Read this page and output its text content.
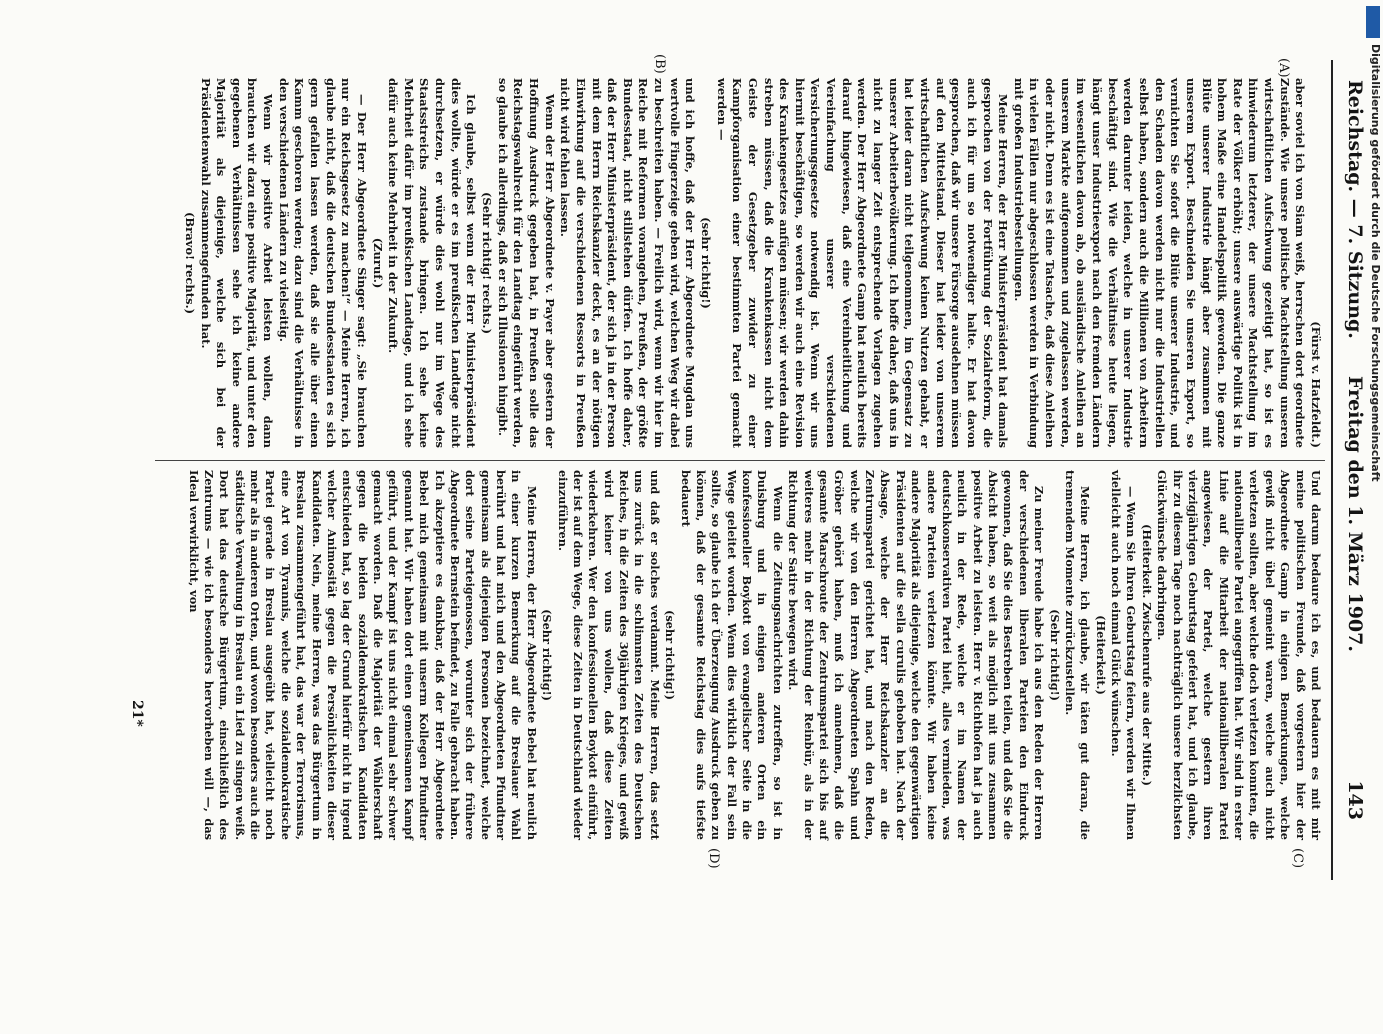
Reichstag. — 7. Sitzung.
Freitag den 1. März 1907.
143
(A)
(B)
(C)
(D)

(Fürst v. Hatzfeldt.)

aber soviel ich von Siam weiß, herrschen dort geordnete Zustände. Wie unsere politische Machtstellung unseren wirtschaftlichen Aufschwung gezeitigt hat, so ist es hinwiederum letzterer, der unsere Machtstellung im Rate der Völker erhöht; unsere auswärtige Politik ist in hohem Maße eine Handelspolitik geworden. Die ganze Blüte unserer Industrie hängt aber zusammen mit unserem Export. Beschneiden Sie unseren Export, so vernichten Sie sofort die Blüte unserer Industrie, und den Schaden davon werden nicht nur die Industriellen selbst haben, sondern auch die Millionen von Arbeitern werden darunter leiden, welche in unserer Industrie beschäftigt sind. Wie die Verhältnisse heute liegen, hängt unser Industrieexport nach den fremden Ländern im wesentlichen davon ab, ob ausländische Anleihen an unserem Markte aufgenommen und zugelassen werden, oder nicht. Denn es ist eine Tatsache, daß diese Anleihen in vielen Fällen nur abgeschlossen werden in Verbindung mit großen Industriebestellungen.

Meine Herren, der Herr Ministerpräsident hat damals gesprochen von der Fortführung der Sozialreform, die auch ich für um so notwendiger halte. Er hat davon gesprochen, daß wir unsere Fürsorge ausdehnen müssen auf den Mittelstand. Dieser hat leider von unserem wirtschaftlichen Aufschwung keinen Nutzen gehabt, er hat leider daran nicht teilgenommen, im Gegensatz zu unserer Arbeiterbevölkerung. Ich hoffe daher, daß uns in nicht zu langer Zeit entsprechende Vorlagen zugehen werden. Der Herr Abgeordnete Gamp hat neulich bereits darauf hingewiesen, daß eine Vereinheitlichung und Vereinfachung unserer verschiedenen Versicherungsgesetze notwendig ist. Wenn wir uns hiermit beschäftigen, so werden wir auch eine Revision des Krankengesetzes anfügen müssen; wir werden dahin streben müssen, daß die Krankenkassen nicht dem Geiste der Gesetzgeber zuwider zu einer Kampforganisation einer bestimmten Partei gemacht werden —

(sehr richtig!)

und ich hoffe, daß der Herr Abgeordnete Mugdan uns wertvolle Fingerzeige geben wird, welchen Weg wir dabei zu beschreiten haben. — Freilich wird, wenn wir hier im Reiche mit Reformen vorangehen, Preußen, der größte Bundesstaat, nicht stillstehen dürfen. Ich hoffe daher, daß der Herr Ministerpräsident, der sich ja in der Person mit dem Herrn Reichskanzler deckt, es an der nötigen Einwirkung auf die verschiedenen Ressorts in Preußen nicht wird fehlen lassen.

Wenn der Herr Abgeordnete v. Payer aber gestern der Hoffnung Ausdruck gegeben hat, in Preußen solle das Reichstagswahlrecht für den Landtag eingeführt werden, so glaube ich allerdings, daß er sich Illusionen hingibt.

(Sehr richtig! rechts.)

Ich glaube, selbst wenn der Herr Ministerpräsident dies wollte, würde er es im preußischen Landtage nicht durchsetzen, er würde dies wohl nur im Wege des Staatsstreichs zustande bringen. Ich sehe keine Mehrheit dafür im preußischen Landtage, und ich sehe dafür auch keine Mehrheit in der Zukunft.

(Zuruf.)

— Der Herr Abgeordnete Singer sagt: „Sie brauchen nur ein Reichsgesetz zu machen!“ — Meine Herren, ich glaube nicht, daß die deutschen Bundesstaaten es sich gern gefallen lassen werden, daß sie alle über einen Kamm geschoren werden; dazu sind die Verhältnisse in den verschiedenen Ländern zu vielseitig.

Wenn wir positive Arbeit leisten wollen, dann brauchen wir dazu eine positive Majorität, und unter den gegebenen Verhältnissen sehe ich keine andere Majorität als diejenige, welche sich bei der Präsidentenwahl zusammengefunden hat.

(Bravo! rechts.)

Und darum bedaure ich es, und bedauern es mit mir meine politischen Freunde, daß vorgestern hier der Abgeordnete Gamp in einigen Bemerkungen, welche gewiß nicht übel gemeint waren, welche auch nicht verletzen sollten, aber welche doch verletzen konnten, die nationalliberale Partei angegriffen hat. Wir sind in erster Linie auf die Mitarbeit der nationalliberalen Partei angewiesen, der Partei, welche gestern ihren vierzigjährigen Geburtstag gefeiert hat, und ich glaube, ihr zu diesem Tage noch nachträglich unsere herzlichsten Glückwünsche darbringen.

(Heiterkeit. Zwischenrufe aus der Mitte.)

— Wenn Sie Ihren Geburtstag feiern, werden wir Ihnen vielleicht auch noch einmal Glück wünschen.

(Heiterkeit.)

Meine Herren, ich glaube, wir täten gut daran, die tremendem Momente zurückzustellen.

(Sehr richtig!)

Zu meiner Freude habe ich aus den Reden der Herren der verschiedenen liberalen Parteien den Eindruck gewonnen, daß Sie dies Bestreben teilen, und daß Sie die Absicht haben, so weit als möglich mit uns zusammen positive Arbeit zu leisten. Herr v. Richthofen hat ja auch neulich in der Rede, welche er im Namen der deutschkonservativen Partei hielt, alles vermieden, was andere Parteien verletzen könnte. Wir haben keine andere Majorität als diejenige, welche den gegenwärtigen Präsidenten auf die sella curulis gehoben hat. Nach der Absage, welche der Herr Reichskanzler an die Zentrumspartei gerichtet hat, und nach den Reden, welche wir von den Herren Abgeordneten Spahn und Gröber gehört haben, muß ich annehmen, daß die gesamte Marschroute der Zentrumspartei sich bis auf weiteres mehr in der Richtung der Reinbür, als in der Richtung der Satire bewegen wird.

Wenn die Zeitungsnachrichten zutreffen, so ist in Duisburg und in einigen anderen Orten ein konfessioneller Boykott von evangelischer Seite in die Wege geleitet worden. Wenn dies wirklich der Fall sein sollte, so glaube ich der Überzeugung Ausdruck geben zu können, daß der gesamte Reichstag dies aufs tiefste bedauert

(sehr richtig!)

und daß er solches verdammt. Meine Herren, das setzt uns zurück in die schlimmsten Zeiten des Deutschen Reiches, in die Zeiten des 30jährigen Krieges, und gewiß wird keiner von uns wollen, daß diese Zeiten wiederkehren. Wer den konfessionellen Boykott einführt, der ist auf dem Wege, diese Zeiten in Deutschland wieder einzuführen.

(Sehr richtig!)

Meine Herren, der Herr Abgeordnete Bebel hat neulich in einer kurzen Bemerkung auf die Breslauer Wahl berührt und hat mich und den Abgeordneten Pfundtner gemeinsam als diejenigen Personen bezeichnet, welche dort seine Parteigenossen, worunter sich der frühere Abgeordnete Bernstein befindet, zu Falle gebracht haben. Ich akzeptiere es dankbar, daß der Herr Abgeordnete Bebel mich gemeinsam mit unserm Kollegen Pfundtner genannt hat. Wir haben dort einen gemeinsamen Kampf geführt, und der Kampf ist uns nicht einmal sehr schwer gemacht worden. Daß die Majorität der Wählerschaft gegen die beiden sozialdemokratischen Kandidaten entschieden hat, so lag der Grund hierfür nicht in irgend welcher Animosität gegen die Persönlichkeiten dieser Kandidaten. Nein, meine Herren, was das Bürgertum in Breslau zusammengeführt hat, das war der Terrorismus, eine Art von Tyrannis, welche die sozialdemokratische Partei gerade in Breslau ausgeübt hat, vielleicht noch mehr als in anderen Orten, und wovon besonders auch die städtische Verwaltung in Breslau ein Lied zu singen weiß. Dort hat das deutsche Bürgertum, einschließlich des Zentrums — wie ich besonders hervorheben will —, das Ideal verwirklicht, von

21*
Digitalisierung gefördert durch die Deutsche Forschungsgemeinschaft
